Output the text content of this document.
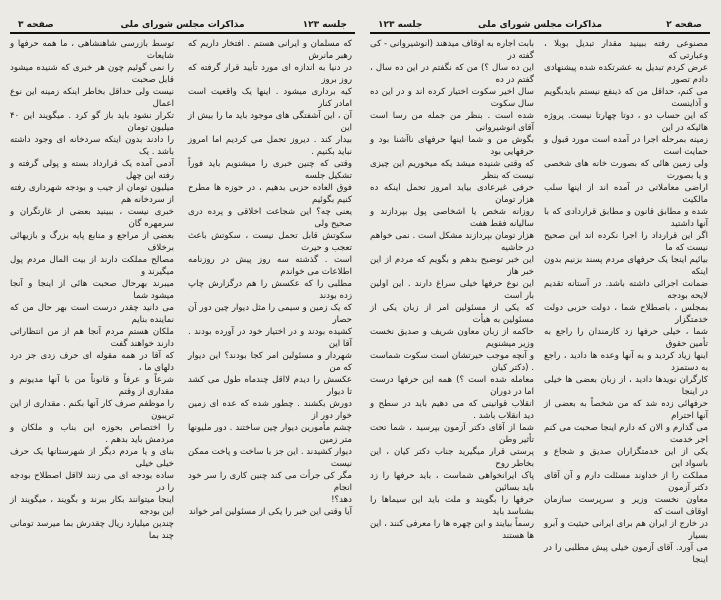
جلسه ۱۲۳
مذاکرات مجلس شورای ملی
صفحه ۳
توسط بازرسی شاهنشاهی ، ما همه حرفها و شایعات
را نمی گوئیم چون هر خبری که شنیده میشود قابل صحبت
نیست ولی حداقل بخاطر اینکه زمینه این نوع اعمال
تکرار نشود باید باز گو کرد . میگویند این ۴۰ میلیون تومان
را دادند بدون اینکه سردخانه ای وجود داشته باشد . یک
آدمی آمده یک قرارداد بسته و پولی گرفته و رفته این چهل
میلیون تومان از جیب و بودجه شهرداری رفته از سردخانه هم
خبری نیست ، ببینید بعضی از غارتگران و سرمهره گان
بعضی از مراجع و منابع پایه بزرگ و بازیهائی برخلاف
مصالح مملکت دارند از بیت المال مردم پول میگیرند و
میبرند بهرحال صحبت هائی از اینجا و آنجا میشود شما
می دانید چقدر درست است بهر حال من که نماینده بنایم
ملکان هستم مردم آنجا هم از من انتظاراتی دارند خواهند گفت
که آقا در همه مقوله ای حرف زدی جز درد دلهای ما ،
شرعاً و عرفاً و قانوناً من با آنها مدیونم و مقداری از وقتم
را موظفم صرف کار آنها بکنم . مقداری از این تریبون
را اختصاص بحوزه این بناب و ملکان و مردمش باید بدهم .
بنای و یا مردم دیگر از شهرستانها یک حرف خیلی خیلی
ساده بودجه ای می زنند لااقل اصطلاح بودجه را در
اینجا میتوانند بکار ببرند و بگویند ، میگویند از این بودجه
چندین میلیارد ریال چقدرش بما میرسد تومانی چند بما
که مسلمان و ایرانی هستم . افتخار داریم که رهبر مانرش
در دنیا به اندازه ای مورد تأیید قرار گرفته که روز بروز
کیه برداری میشود . اینها یک واقعیت است امادر کنار
آن ، این آشفتگی های موجود باید ما را بیش از این
بیدار کند . دیروز تحمل می کردیم اما امروز نباید بکنیم .
وقتی که چنین خبری را میشنویم باید فوراً تشکیل جلسه
فوق العاده حزبی بدهیم ، در حوزه ها مطرح کنیم بگوئیم
یعنی چه؟ این شجاعت اخلاقی و پرده دری صحیح ولی
سکوتش قابل تحمل نیست ، سکوتش باعث تعجب و حیرت
است . گذشته سه روز پیش در روزنامه اطلاعات می خواندم
مطلبی را که عکسش را هم درگزارش چاپ زده بودند
که یک زمین و سیمی را مثل دیوار چین دور آن حصار
کشیده بودند و در اختیار خود در آورده بودند . آقا این
شهردار و مسئولین امر کجا بودند؟ این دیوار که من
عکسش را دیدم لااقل چندماه طول می کشد تا دیوار
دورش بکشند . چطور شده که عده ای زمین خوار دور از
چشم مأمورین دیوار چین ساختند . دور ملیونها متر زمین
دیوار کشیدند . این جز با ساخت و پاخت ممکن نیست
مگر کی جرأت می کند چنین کاری را سر خود انجام
دهد؟!
آیا وقتی این خبر را یکی از مسئولین امر خواند
صفحه ۲
مذاکرات مجلس شورای ملی
جلسه ۱۲۳
مصنوعی رفته ببینید مقدار تبدیل بوبلا ، وعبارتی که
عرض کردم تبدیل به عشرتکده شده پیشنهادی دادم تصور
می کنم، حداقل من که ذینفع نیستم بایدبگویم و آذاینست
که این حساب دو ، دوتا چهارتا نیست. پروژه هائیکه در این
زمینه بمرحله اجرا در آمده است مورد قبول و حمایت است
ولی زمین هائی که بصورت خانه های شخصی و یا بصورت
اراضی معاملاتی در آمده اند از اینها سلب مالکیت
شده و مطابق قانون و مطابق قراردادی که با آنها داشتید
اگر این قرارداد را اجرا نکرده اند این صحیح نیست که ما
بیائیم اینجا یک حرفهای مردم پسند بزنیم بدون اینکه
ضمانت اجرائی داشته باشد. در آستانه تقدیم لایحه بودجه
بمجلس ، باصطلاح شما ، دولت حزبی دولت خدمتگزار
شما ، خیلی حرفها زد کارمندان را راجع به تأمین حقوق
اینها زیاد کردید و به آنها وعده ها دادید ، راجع به دستمزد
کارگران نویدها دادید ، از زبان بعضی ها خیلی در اینجا
حرفهائی زده شد که من شخصاً به بعضی از آنها احترام
می گذارم و الان که دارم اینجا صحبت می کنم اجر خدمت
یکی از این خدمتگزاران صدیق و شجاع و باسواد این
مملکت را از خداوند مسئلت دارم و آن آقای دکتر آزمون
معاون نخست وزیر و سرپرست سازمان اوقاف است که
در خارج از ایران هم برای ایرانی حیثیت و آبرو بسیار
می آورد. آقای آزمون خیلی پیش مطلبی را در اینجا
بابت اجاره به اوقاف میدهند (انوشیروانی - کی گفته در
این ده سال ؟) من که نگفتم در این ده سال ، گفتم در ده
سال اخیر سکوت اختیار کرده اند و در این ده سال سکوت
شده است . بنظر من جمله من رسا است آقای انوشیروانی
بگوش من و شما اینها حرفهای ناآشنا بود و حرفهایی بود
که وقتی شنیده میشد یکه میخوریم این چیزی نیست که بنظر
حرفی غیرعادی بیاید امروز تحمل اینکه ده هزار تومان
روزانه شخص یا اشخاصی پول بپردازند و سالیانه فقط هفت
هزار تومان بپردازند مشکل است . نمی خواهم در حاشیه
این خبر توضیح بدهم و بگویم که مردم از این خبر هاز
این نوع حرفها خیلی سراغ دارند . این اولین بار است
که یکی از مسئولین امر از زبان یکی از مسئولین به هیأت
حاکمه از زبان معاون شریف و صدیق نخست وزیر میشنویم
و آنچه موجب حیرتشان است سکوت شماست . (دکتر کیان
معامله شده است ؟) همه این حرفها درست اما در دوران
انقلاب قوانینی که می دهیم باید در سطح و دید انقلاب باشد .
شما از آقای دکتر آزمون بپرسید ، شما تحت تأثیر وطن
پرستی قرار میگیرید جناب دکتر کیان ، این بخاطر روح
پاک ایرانخواهی شماست ، باید حرفها را زد باید بسائین
حرفها را بگویند و ملت باید این سیماها را بشناسد باید
رسماً بیایند و این چهره ها را معرفی کنند ، این ها هستند
